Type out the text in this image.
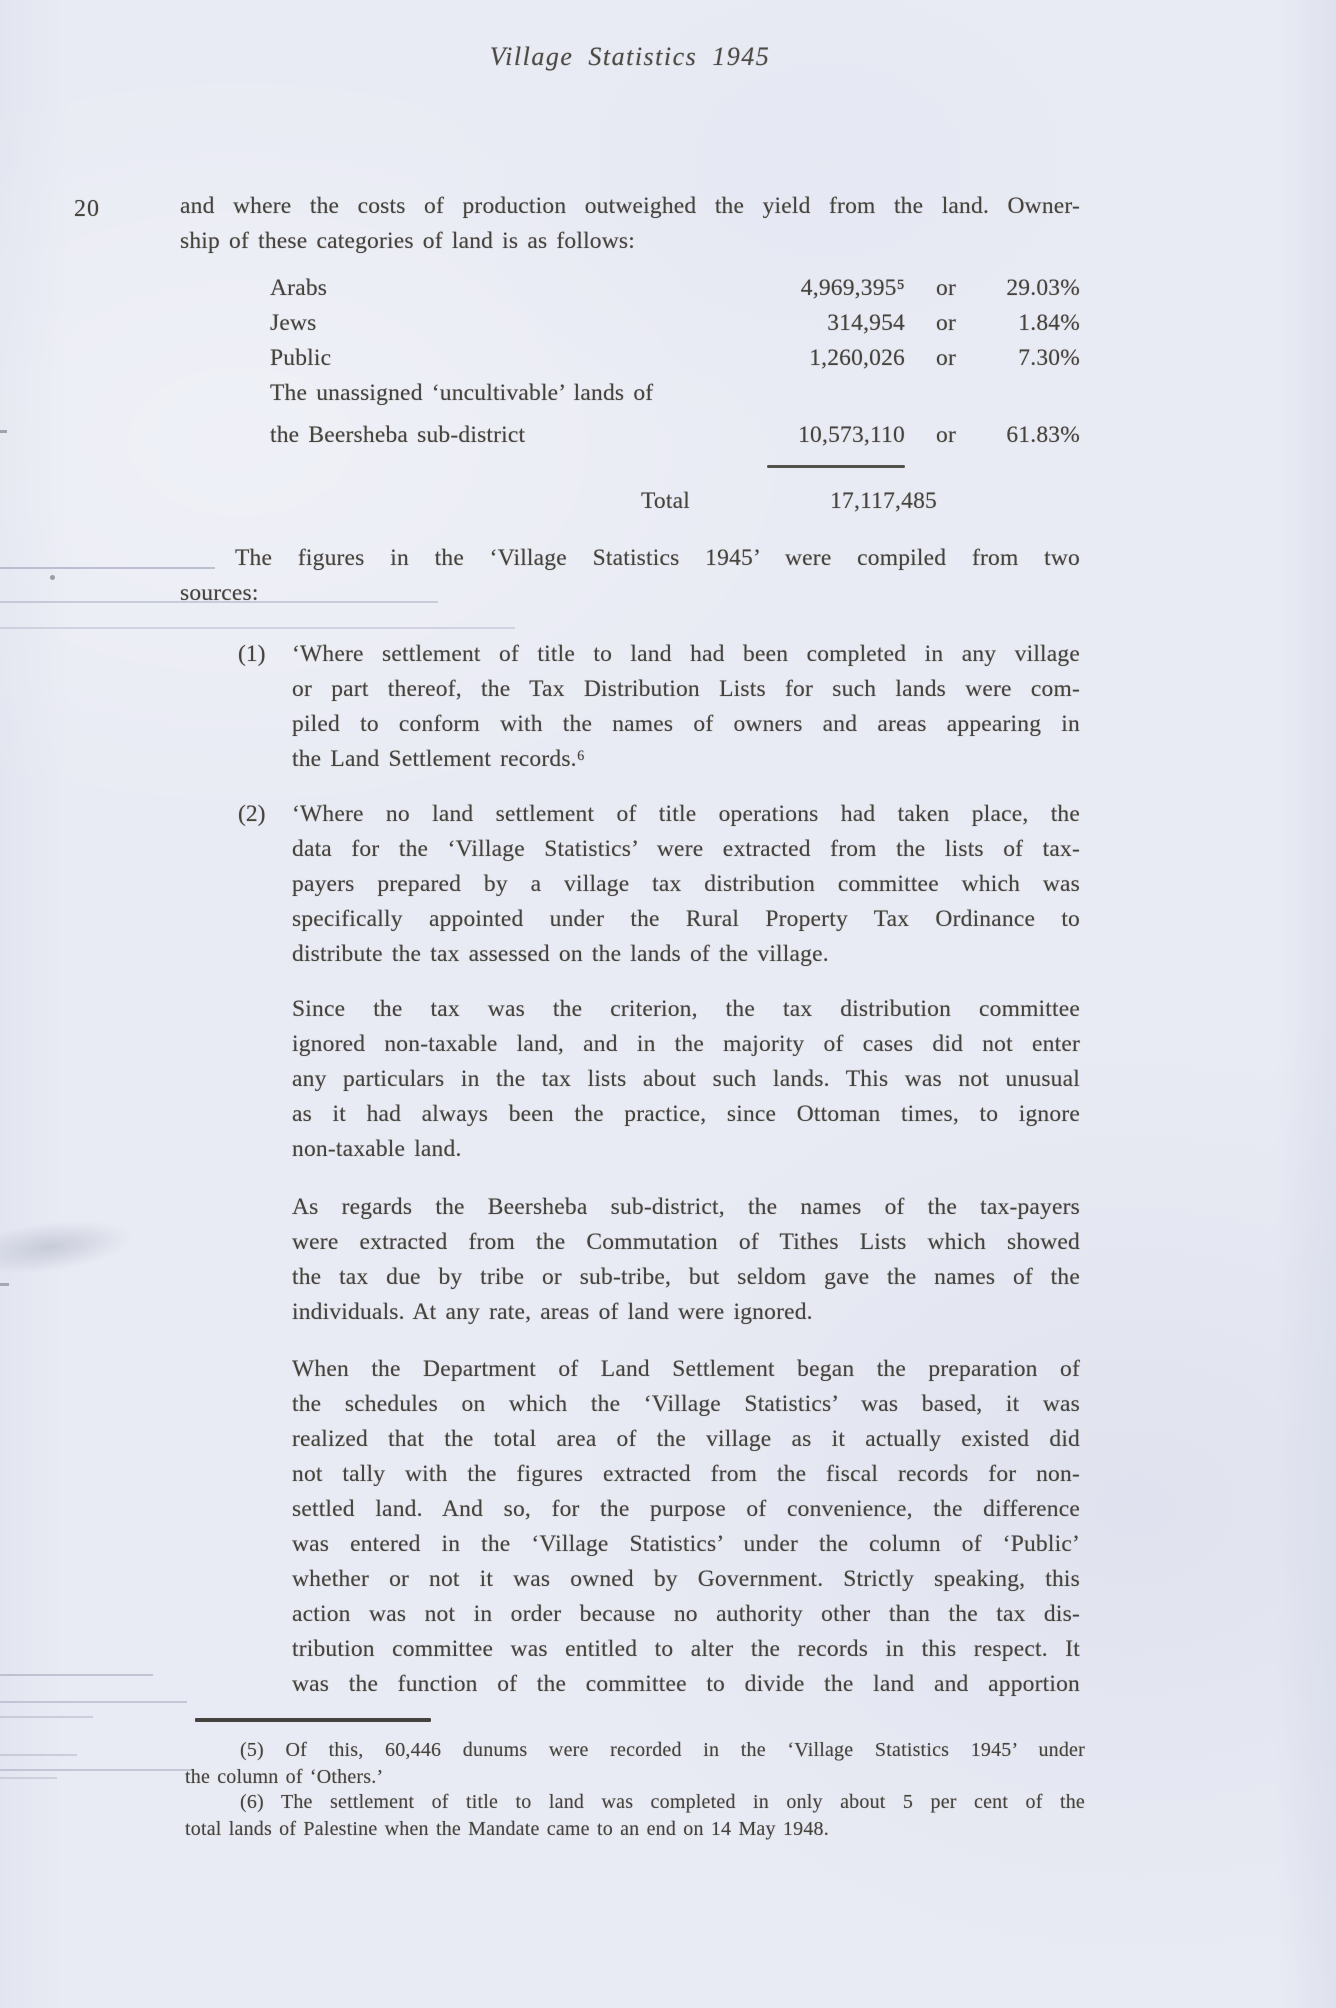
Village Statistics 1945
20	and where the costs of production outweighed the yield from the land. Owner-
ship of these categories of land is as follows:
Arabs	4,969,395⁵	or	29.03%
Jews	314,954	or	1.84%
Public	1,260,026	or	7.30%
The unassigned ‘uncultivable’ lands of
the Beersheba sub-district	10,573,110	or	61.83%
Total	17,117,485
The figures in the ‘Village Statistics 1945’ were compiled from two
sources:
(1) ‘Where settlement of title to land had been completed in any village
or part thereof, the Tax Distribution Lists for such lands were com-
piled to conform with the names of owners and areas appearing in
the Land Settlement records.⁶
(2) ‘Where no land settlement of title operations had taken place, the
data for the ‘Village Statistics’ were extracted from the lists of tax-
payers prepared by a village tax distribution committee which was
specifically appointed under the Rural Property Tax Ordinance to
distribute the tax assessed on the lands of the village.
Since the tax was the criterion, the tax distribution committee
ignored non-taxable land, and in the majority of cases did not enter
any particulars in the tax lists about such lands. This was not unusual
as it had always been the practice, since Ottoman times, to ignore
non-taxable land.
As regards the Beersheba sub-district, the names of the tax-payers
were extracted from the Commutation of Tithes Lists which showed
the tax due by tribe or sub-tribe, but seldom gave the names of the
individuals. At any rate, areas of land were ignored.
When the Department of Land Settlement began the preparation of
the schedules on which the ‘Village Statistics’ was based, it was
realized that the total area of the village as it actually existed did
not tally with the figures extracted from the fiscal records for non-
settled land. And so, for the purpose of convenience, the difference
was entered in the ‘Village Statistics’ under the column of ‘Public’
whether or not it was owned by Government. Strictly speaking, this
action was not in order because no authority other than the tax dis-
tribution committee was entitled to alter the records in this respect. It
was the function of the committee to divide the land and apportion
(5) Of this, 60,446 dunums were recorded in the ‘Village Statistics 1945’ under
the column of ‘Others.’
(6) The settlement of title to land was completed in only about 5 per cent of the
total lands of Palestine when the Mandate came to an end on 14 May 1948.
